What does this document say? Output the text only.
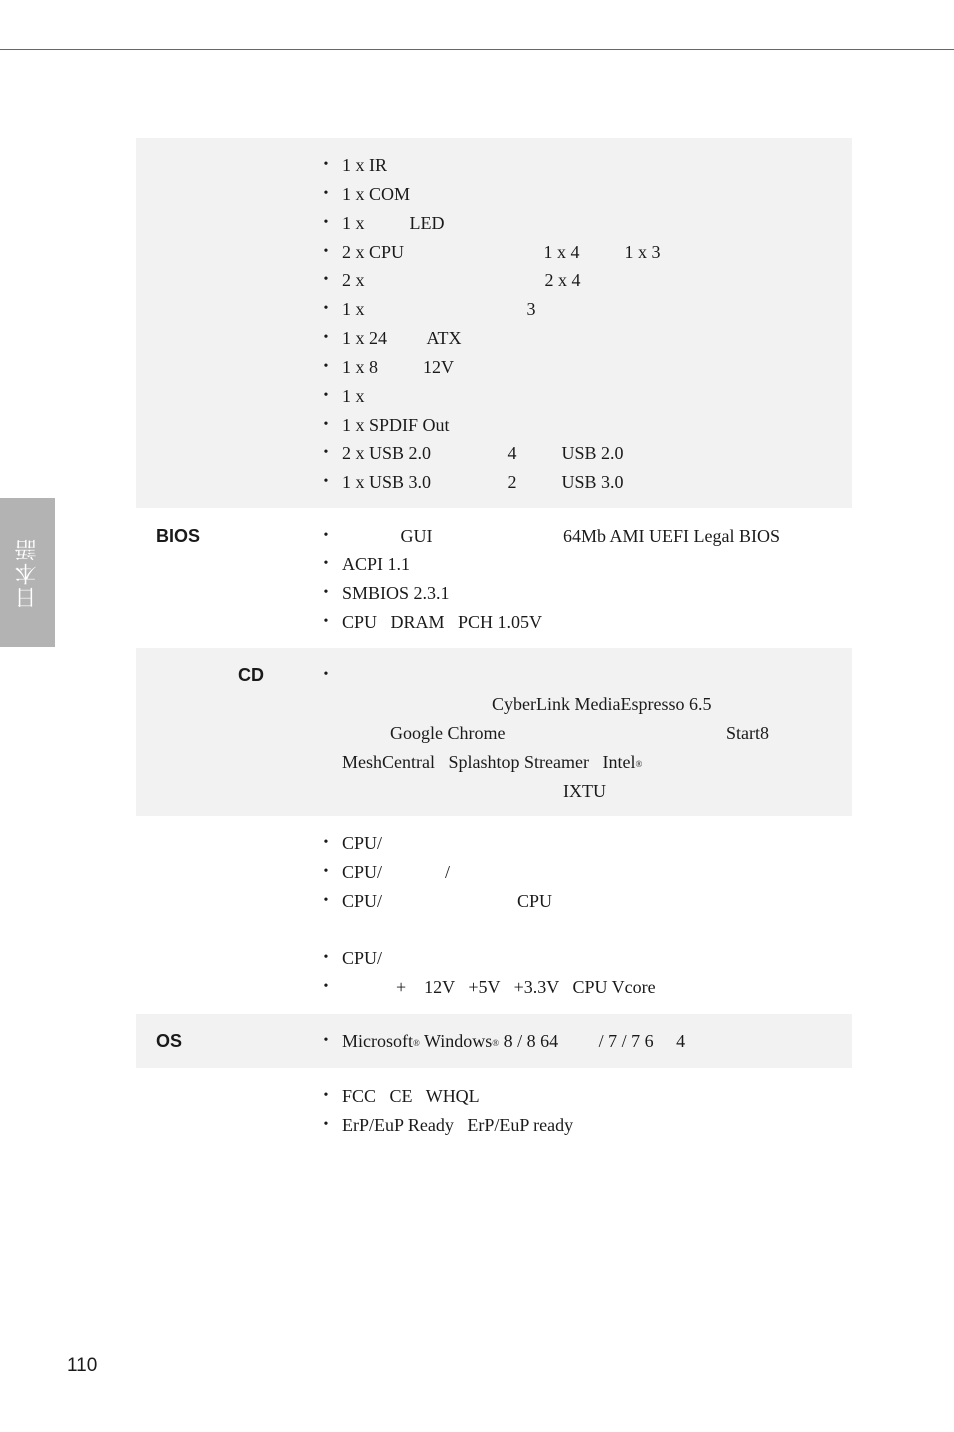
日本語
• 1 x IR
• 1 x COM
• 1 x          LED
• 2 x CPU                               1 x 4          1 x 3
• 2 x                                        2 x 4
• 1 x                                    3
• 1 x 24         ATX
• 1 x 8          12V
• 1 x
• 1 x SPDIF Out
• 2 x USB 2.0                 4          USB 2.0
• 1 x USB 3.0                 2          USB 3.0
BIOS	• GUI                             64Mb AMI UEFI Legal BIOS
• ACPI 1.1
• SMBIOS 2.3.1
• CPU   DRAM   PCH 1.05V
CD	•
CyberLink MediaEspresso 6.5
Google Chrome	Start8
MeshCentral   Splashtop Streamer   Intel®
IXTU
• CPU/
• CPU/              /
• CPU/                              CPU
• CPU/
• +    12V   +5V   +3.3V   CPU Vcore
OS	• Microsoft® Windows® 8 / 8 64         / 7 / 7 6     4
• FCC   CE   WHQL
• ErP/EuP Ready   ErP/EuP ready
110
